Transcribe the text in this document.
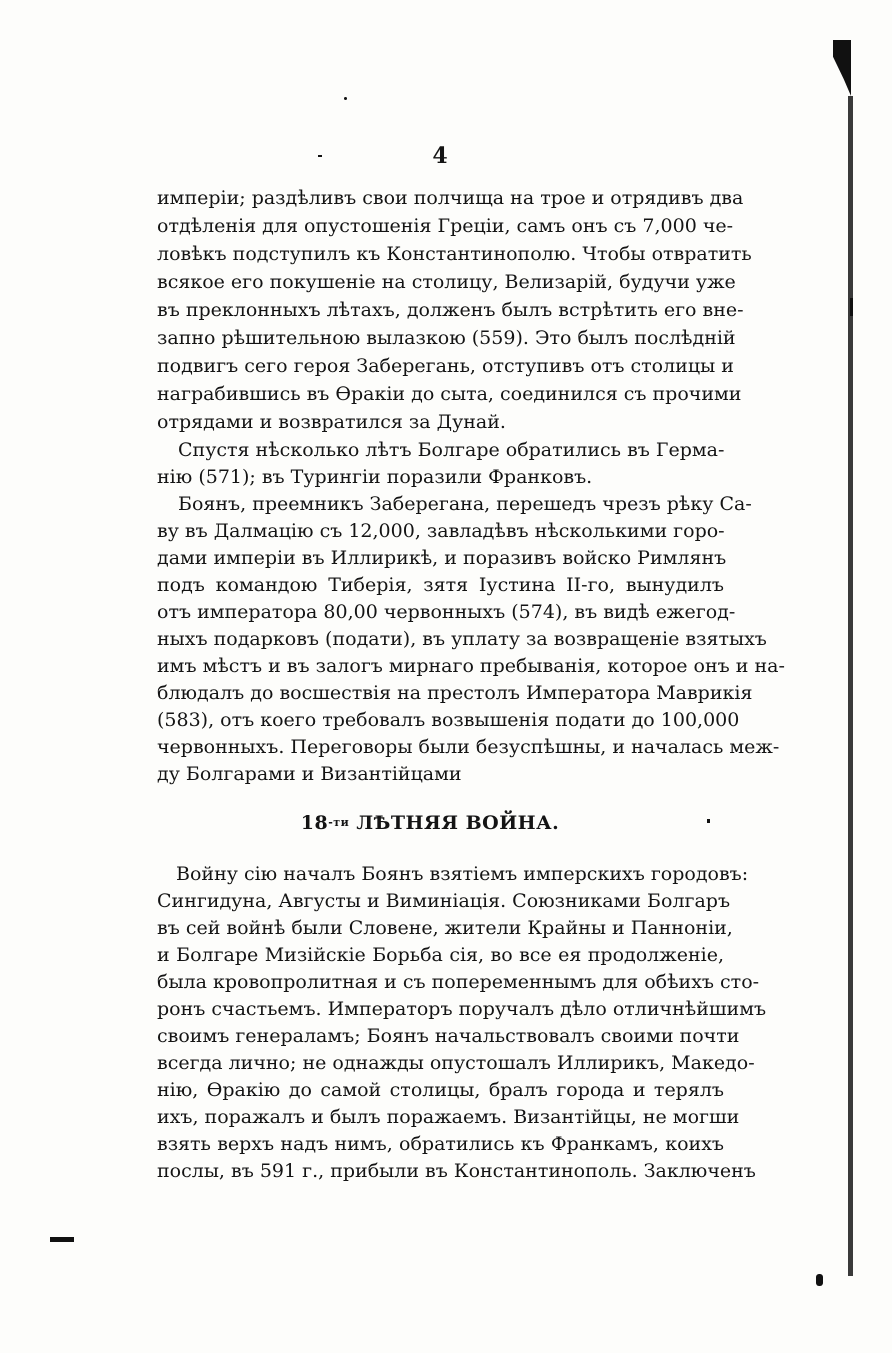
4
имперіи; раздѣливъ свои полчища на трое и отрядивъ два
отдѣленія для опустошенія Греціи, самъ онъ съ 7,000 че-
ловѣкъ подступилъ къ Константинополю. Чтобы отвратить
всякое его покушеніе на столицу, Велизарій, будучи уже
въ преклонныхъ лѣтахъ, долженъ былъ встрѣтить его вне-
запно рѣшительною вылазкою (559). Это былъ послѣдній
подвигъ сего героя Заберегань, отступивъ отъ столицы и
награбившись въ Ѳракіи до сыта, соединился съ прочими
отрядами и возвратился за Дунай.
Спустя нѣсколько лѣтъ Болгаре обратились въ Герма-
нію (571); въ Турингіи поразили Франковъ.
Боянъ, преемникъ Заберегана, перешедъ чрезъ рѣку Са-
ву въ Далмацію съ 12,000, завладѣвъ нѣсколькими горо-
дами имперіи въ Иллирикѣ, и поразивъ войско Римлянъ
подъ командою Тиберія, зятя Іустина II-го, вынудилъ
отъ императора 80,00 червонныхъ (574), въ видѣ ежегод-
ныхъ подарковъ (подати), въ уплату за возвращеніе взятыхъ
имъ мѣстъ и въ залогъ мирнаго пребыванія, которое онъ и на-
блюдалъ до восшествія на престолъ Императора Маврикія
(583), отъ коего требовалъ возвышенія подати до 100,000
червонныхъ. Переговоры были безуспѣшны, и началась меж-
ду Болгарами и Византійцами
18-ти ЛѢТНЯЯ ВОЙНА.
Войну сію началъ Боянъ взятіемъ имперскихъ городовъ:
Сингидуна, Августы и Виминіація. Союзниками Болгаръ
въ сей войнѣ были Словене, жители Крайны и Панноніи,
и Болгаре Мизійскіе Борьба сія, во все ея продолженіе,
была кровопролитная и съ попеременнымъ для обѣихъ сто-
ронъ счастьемъ. Императоръ поручалъ дѣло отличнѣйшимъ
своимъ генераламъ; Боянъ начальствовалъ своими почти
всегда лично; не однажды опустошалъ Иллирикъ, Македо-
нію, Ѳракію до самой столицы, бралъ города и терялъ
ихъ, поражалъ и былъ поражаемъ. Византійцы, не могши
взять верхъ надъ нимъ, обратились къ Франкамъ, коихъ
послы, въ 591 г., прибыли въ Константинополь. Заключенъ
